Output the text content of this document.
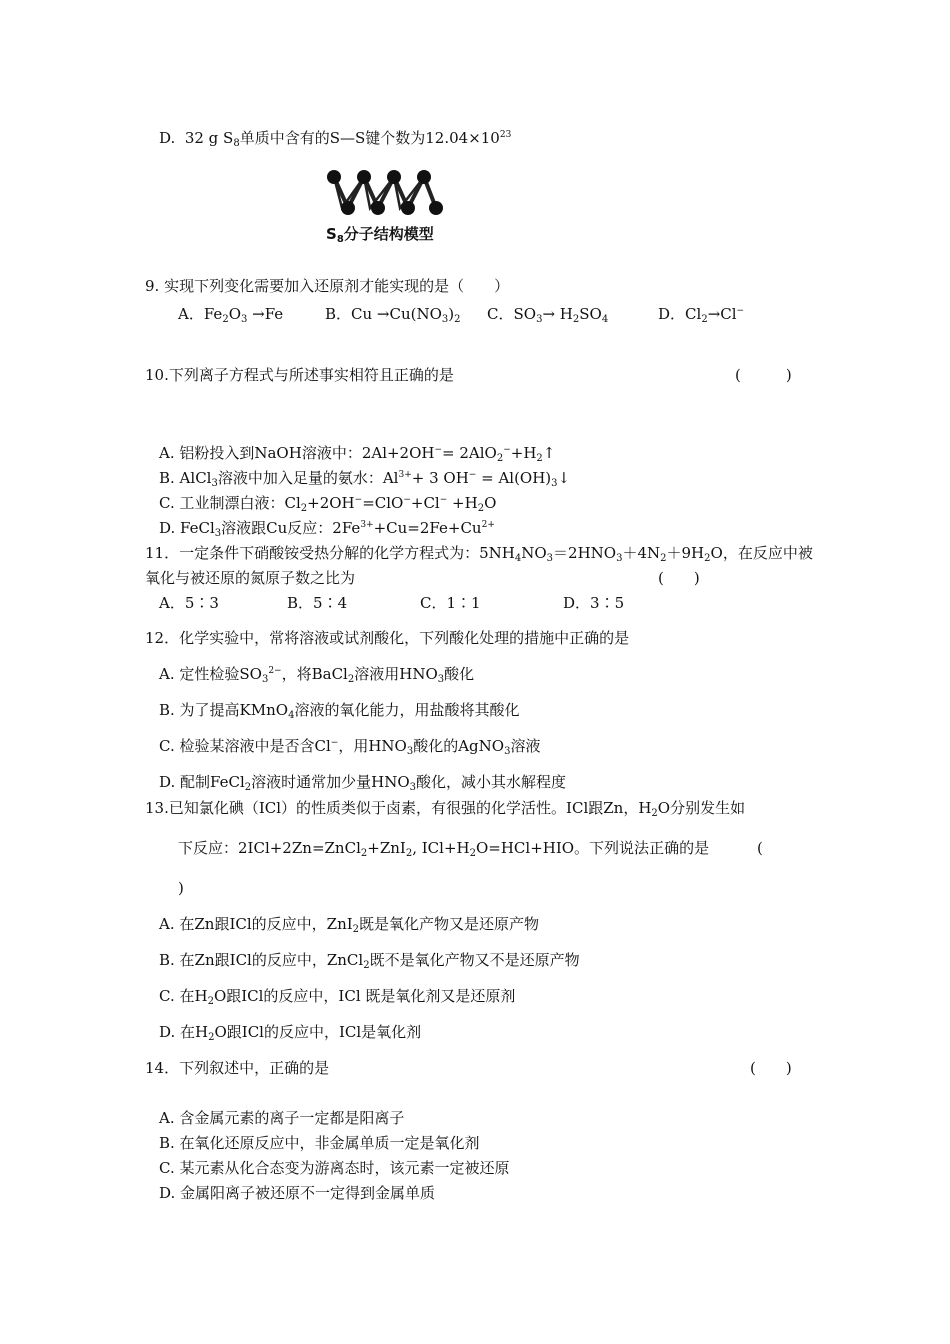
D. 32 g $S_8$单质中含有的S—S键个数为$12.04\times 10^{23}$
$S_8$分子结构模型
9. 实现下列变化需要加入还原剂才能实现的是（　　）
A．$Fe_2O_3 \to Fe$	B．$Cu \to Cu(NO_3)_2$ C．$SO_3\to H_2SO_4$	D．$Cl_2\to Cl^-$
10.下列离子方程式与所述事实相符且正确的是	(　　　)
A. 铝粉投入到NaOH溶液中：$2Al+2OH^-= 2AlO_2^-+H_2↑$
B. AlCl$_3$溶液中加入足量的氨水：$Al^{3+}+ 3$ $OH^- = Al(OH)_3↓$
C. 工业制漂白液：$Cl_2+2OH^-=ClO^-+Cl^- +H_2O$
D. FeCl$_3$溶液跟Cu反应：$2Fe^{3+}+Cu=2Fe+Cu^{2+}$
11．一定条件下硝酸铵受热分解的化学方程式为：$5NH_4NO_3=2HNO_3+4N_2+9H_2O$，在反应中被
氧化与被还原的氮原子数之比为	(　　)
A．5∶3	B．5∶4	C．1∶1	D．3∶5
12．化学实验中，常将溶液或试剂酸化，下列酸化处理的措施中正确的是
A. 定性检验$SO_3^{2-}$，将BaCl$_2$溶液用$HNO_3$酸化
B. 为了提高KMnO$_4$溶液的氧化能力，用盐酸将其酸化
C. 检验某溶液中是否含Cl−，用$HNO_3$酸化的AgNO$_3$溶液
D. 配制FeCl$_2$溶液时通常加少量$HNO_3$酸化，减小其水解程度
13.已知氯化碘（ICl）的性质类似于卤素，有很强的化学活性。ICl跟Zn，$H_2O$分别发生如
下反应：2ICl+2Zn=ZnCl$_2$+ZnI$_2$, $ICl+H_2O=HCl+HIO$。下列说法正确的是	(
)
A. 在Zn跟ICl的反应中，ZnI$_2$既是氧化产物又是还原产物
B. 在Zn跟ICl的反应中，ZnCl$_2$既不是氧化产物又不是还原产物
C. 在$H_2O$跟ICl的反应中，ICl 既是氧化剂又是还原剂
D. 在$H_2O$跟ICl的反应中，ICl是氧化剂
14．下列叙述中，正确的是	(　　)
A. 含金属元素的离子一定都是阳离子
B. 在氧化还原反应中，非金属单质一定是氧化剂
C. 某元素从化合态变为游离态时，该元素一定被还原
D. 金属阳离子被还原不一定得到金属单质
